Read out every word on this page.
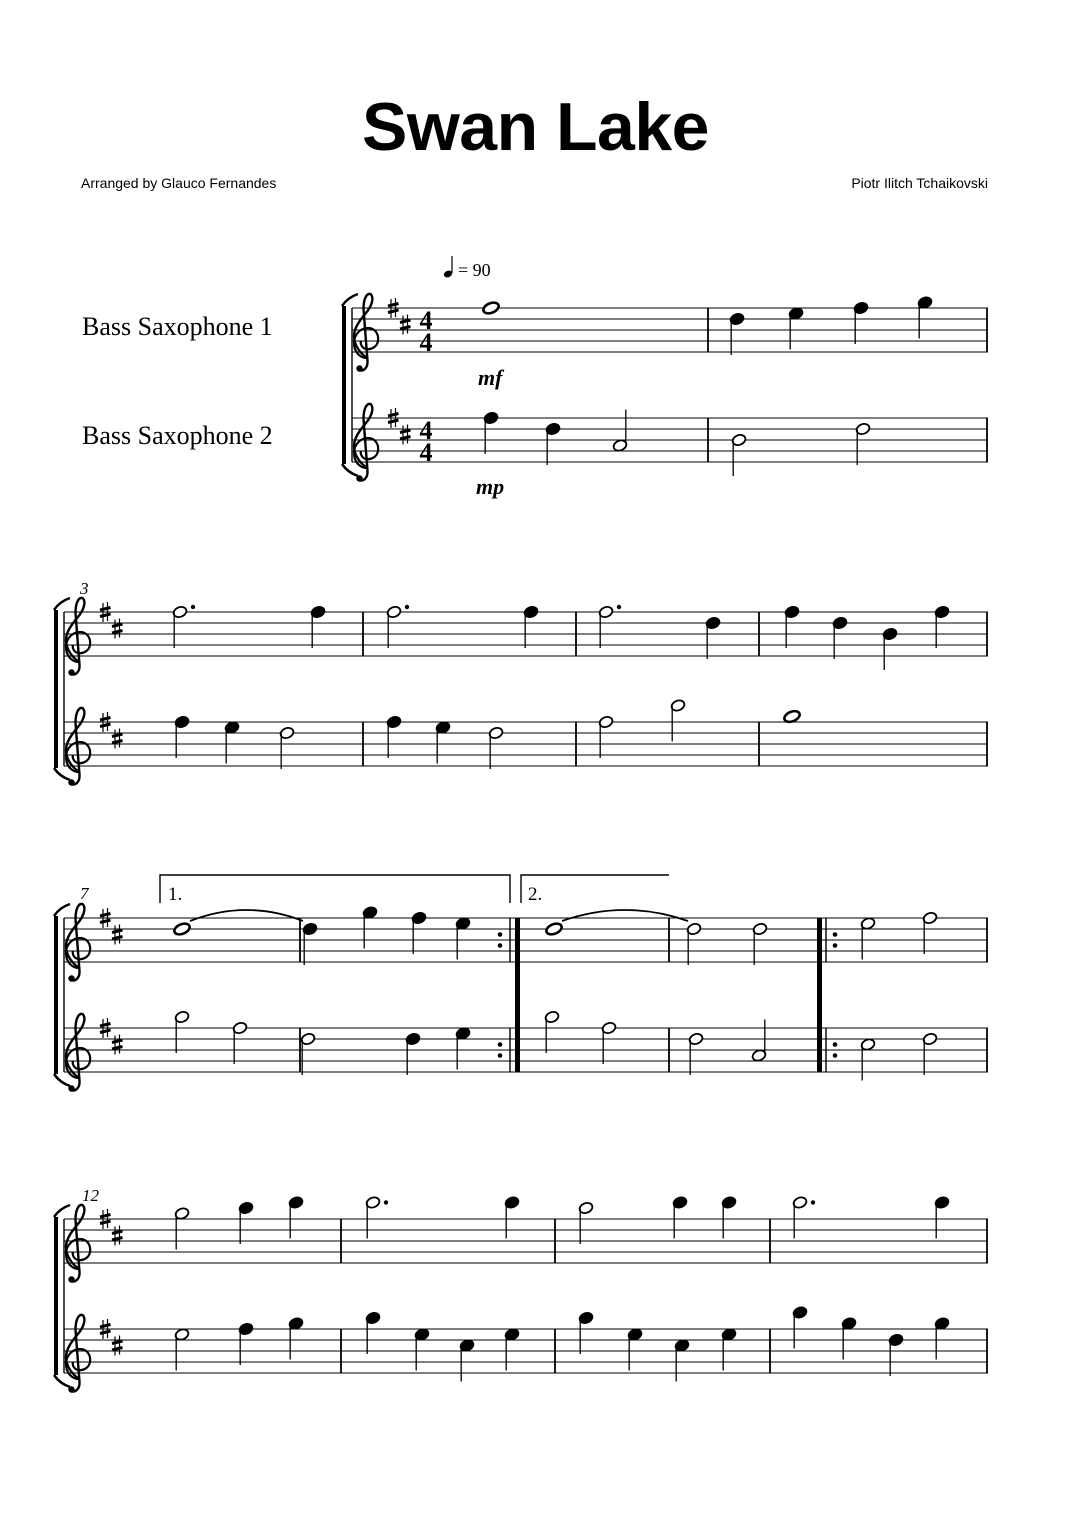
Swan Lake
Arranged by Glauco Fernandes	Piotr Ilitch Tchaikovski
Bass Saxophone 1
Bass Saxophone 2
4
4
4
4
= 90
mf
mp
3
7	1.	2.
12
